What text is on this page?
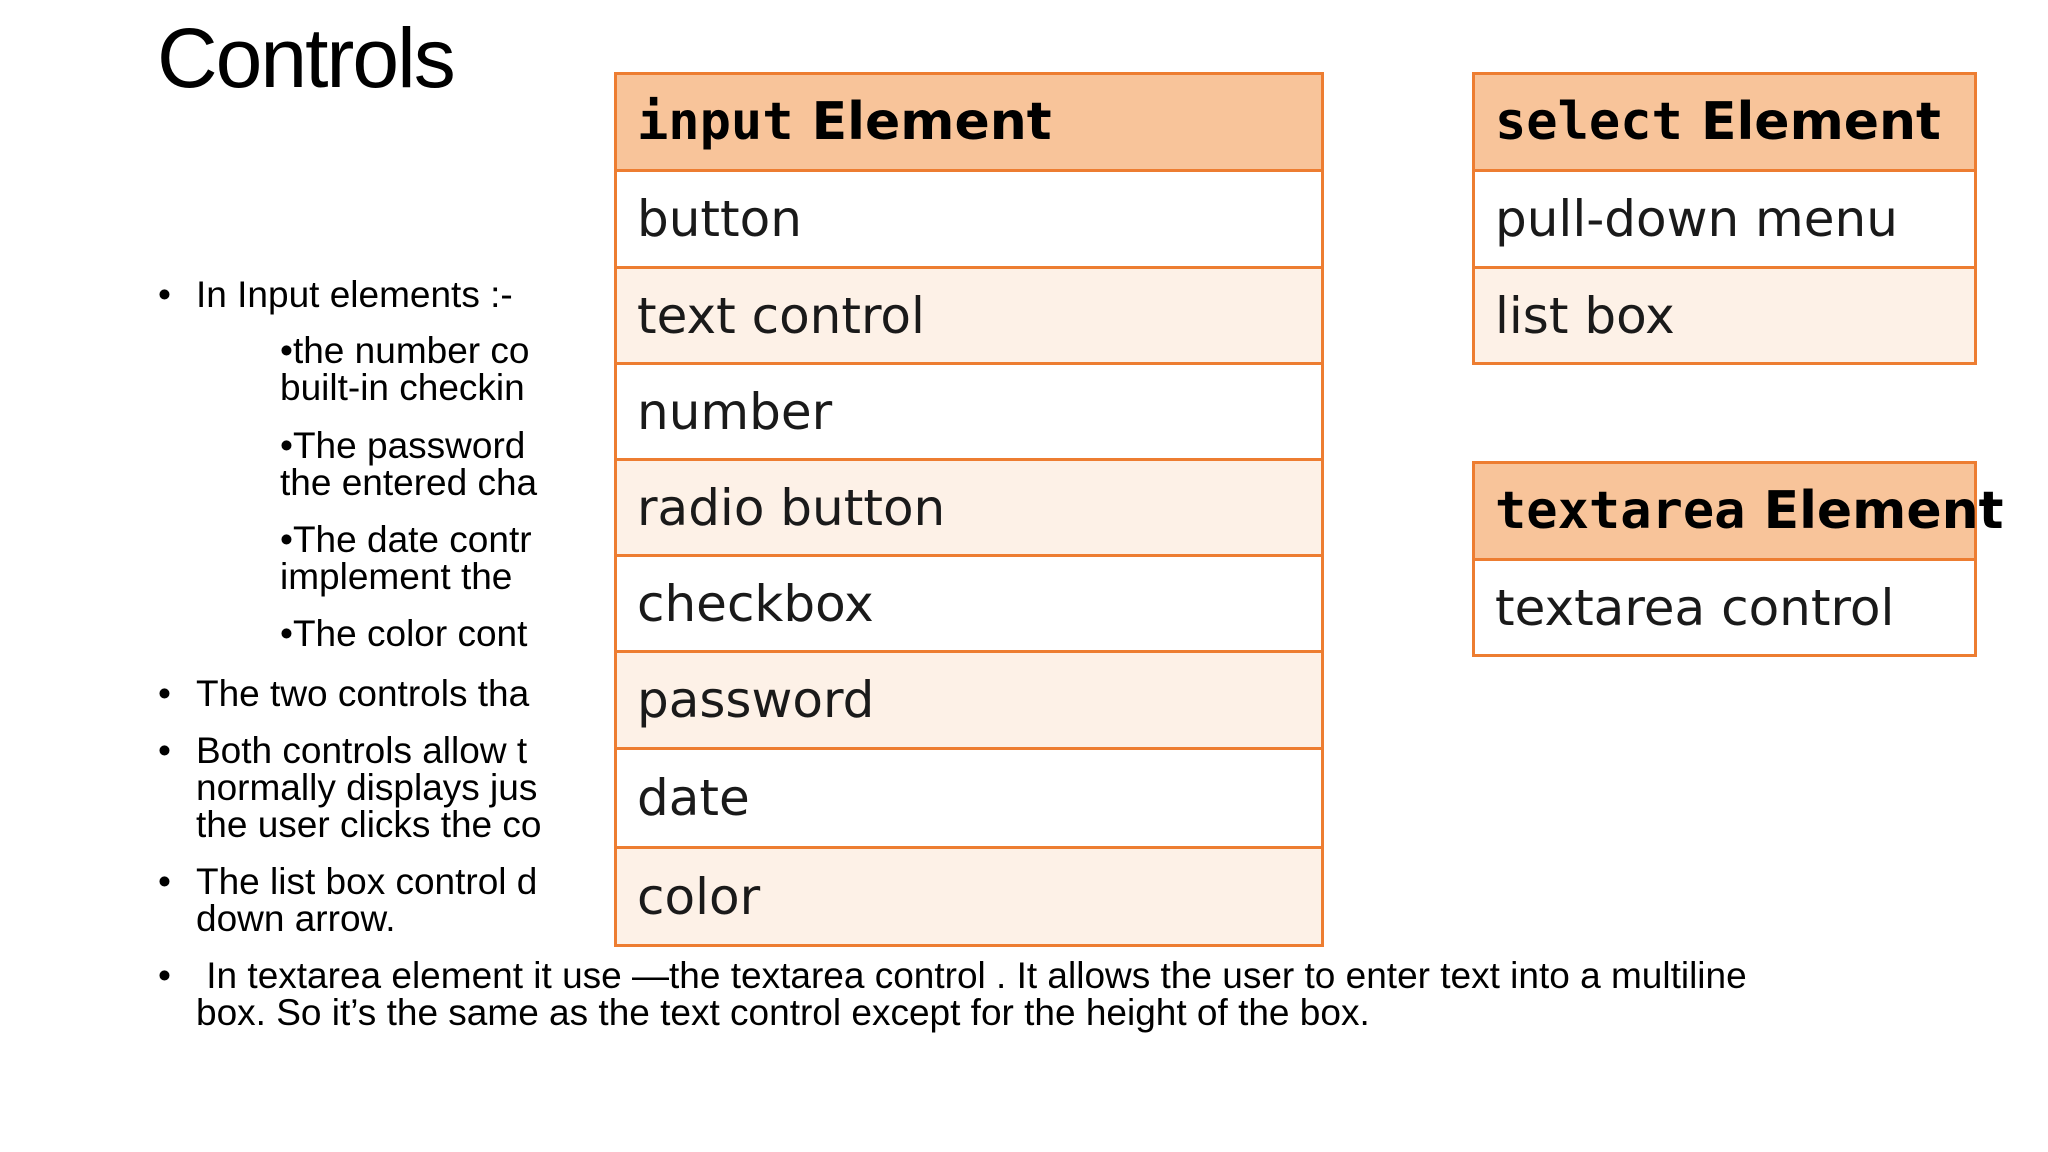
Controls
• In Input elements :-
•the number co
built-in checkin
•The password
the entered cha
•The date contr
implement the
•The color cont
• The two controls tha
• Both controls allow t
normally displays jus
the user clicks the co
• The list box control d
down arrow.
• In textarea element it use —the textarea control . It allows the user to enter text into a multiline
box. So it’s the same as the text control except for the height of the box.
input Element
button
text control
number
radio button
checkbox
password
date
color
select Element
pull-down menu
list box
textarea Element
textarea control
